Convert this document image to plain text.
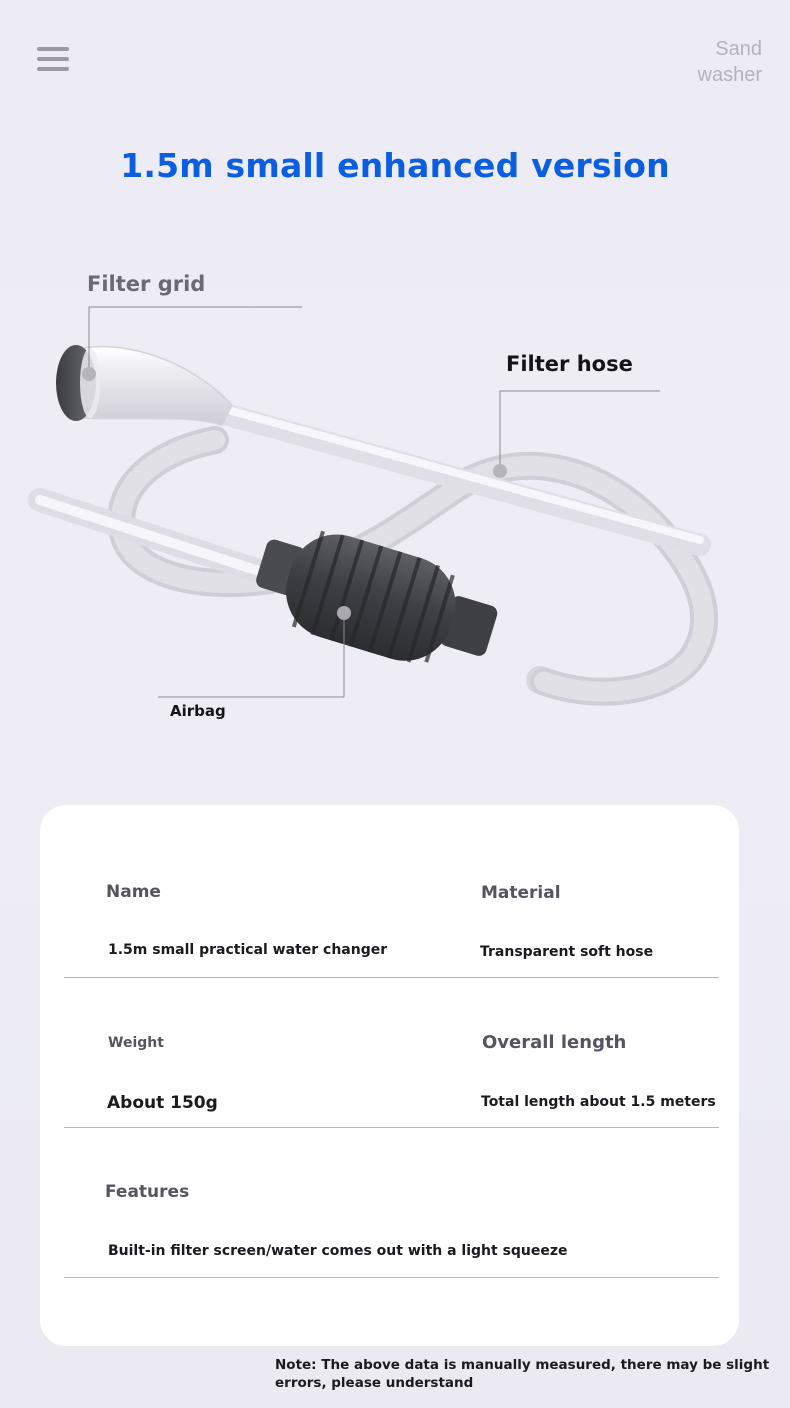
Sand
washer
1.5m small enhanced version
Filter grid
Filter hose
Airbag
Name	Material
1.5m small practical water changer	Transparent soft hose
Weight	Overall length
About 150g	Total length about 1.5 meters
Features
Built-in filter screen/water comes out with a light squeeze
Note: The above data is manually measured, there may be slight errors, please understand
